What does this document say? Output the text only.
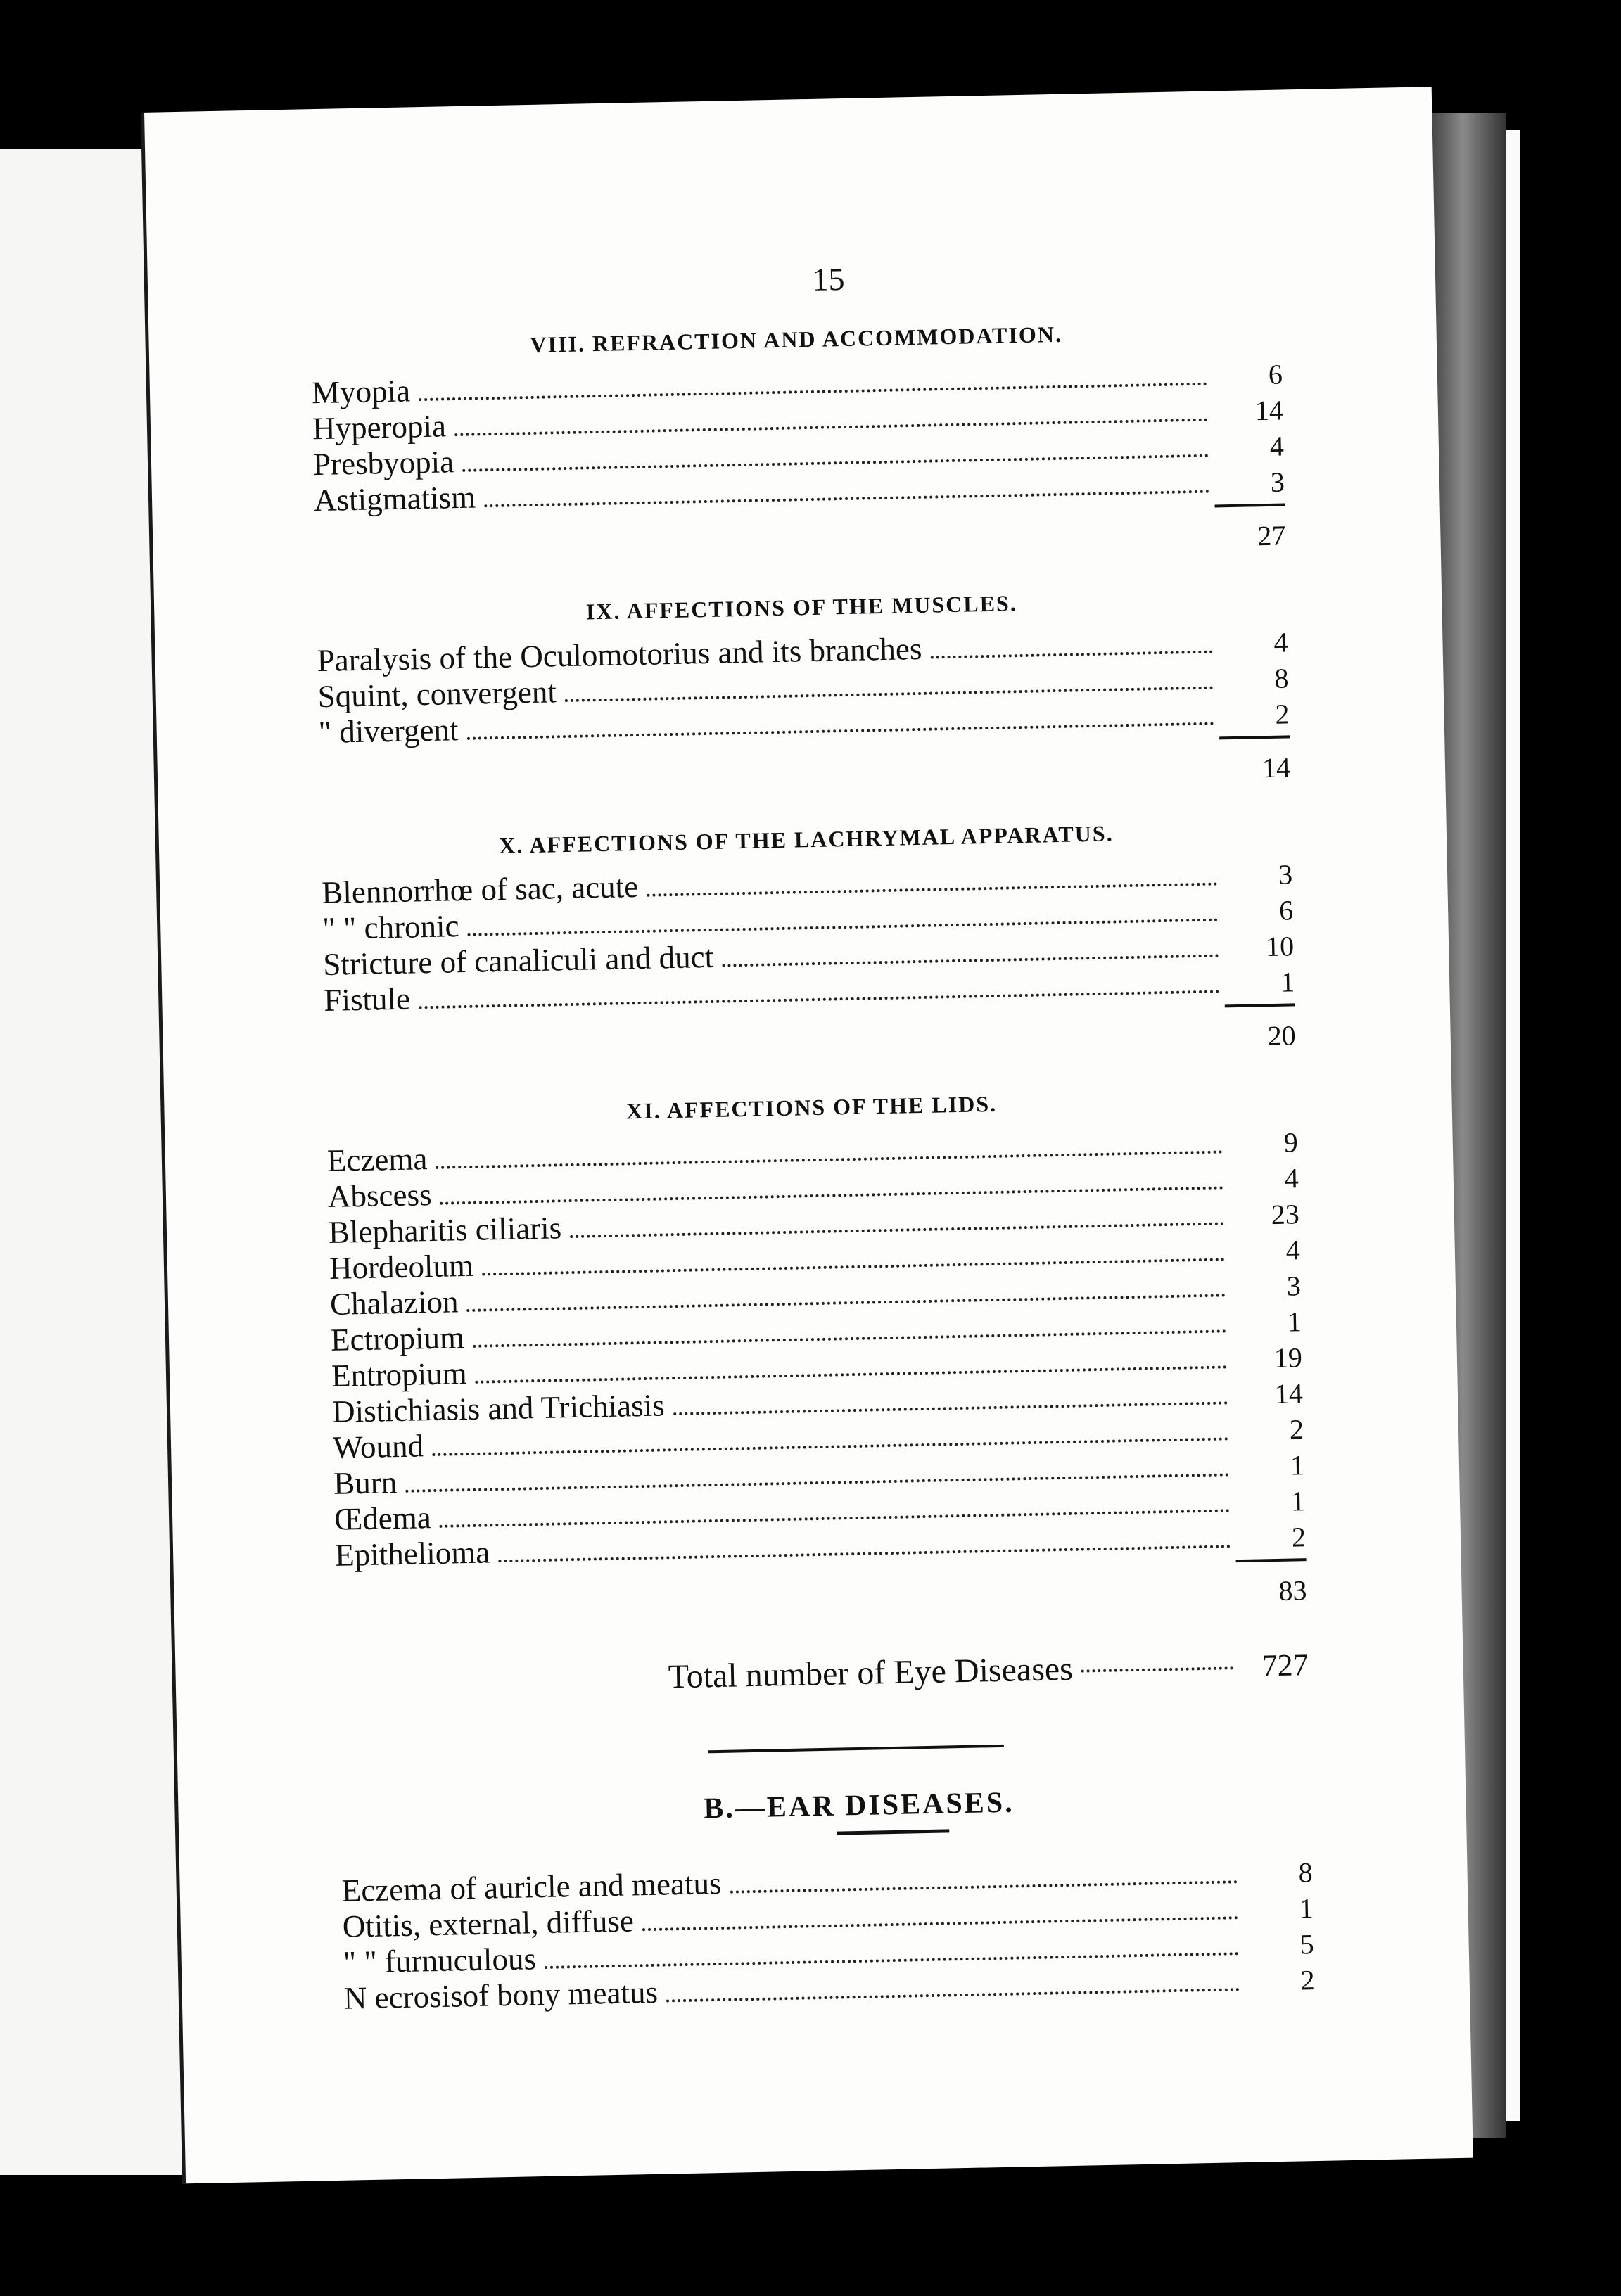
15
VIII. REFRACTION AND ACCOMMODATION.
Myopia	6
Hyperopia	14
Presbyopia	4
Astigmatism	3
27
IX. AFFECTIONS OF THE MUSCLES.
Paralysis of the Oculomotorius and its branches	4
Squint, convergent	8
" divergent	2
14
X. AFFECTIONS OF THE LACHRYMAL APPARATUS.
Blennorrhœ of sac, acute	3
" " chronic	6
Stricture of canaliculi and duct	10
Fistule	1
20
XI. AFFECTIONS OF THE LIDS.
Eczema	9
Abscess	4
Blepharitis ciliaris	23
Hordeolum	4
Chalazion	3
Ectropium	1
Entropium	19
Distichiasis and Trichiasis	14
Wound	2
Burn	1
Œdema	1
Epithelioma	2
83
Total number of Eye Diseases	727
B.—EAR DISEASES.
Eczema of auricle and meatus	8
Otitis, external, diffuse	1
" " furnuculous	5
N ecrosisof bony meatus	2
